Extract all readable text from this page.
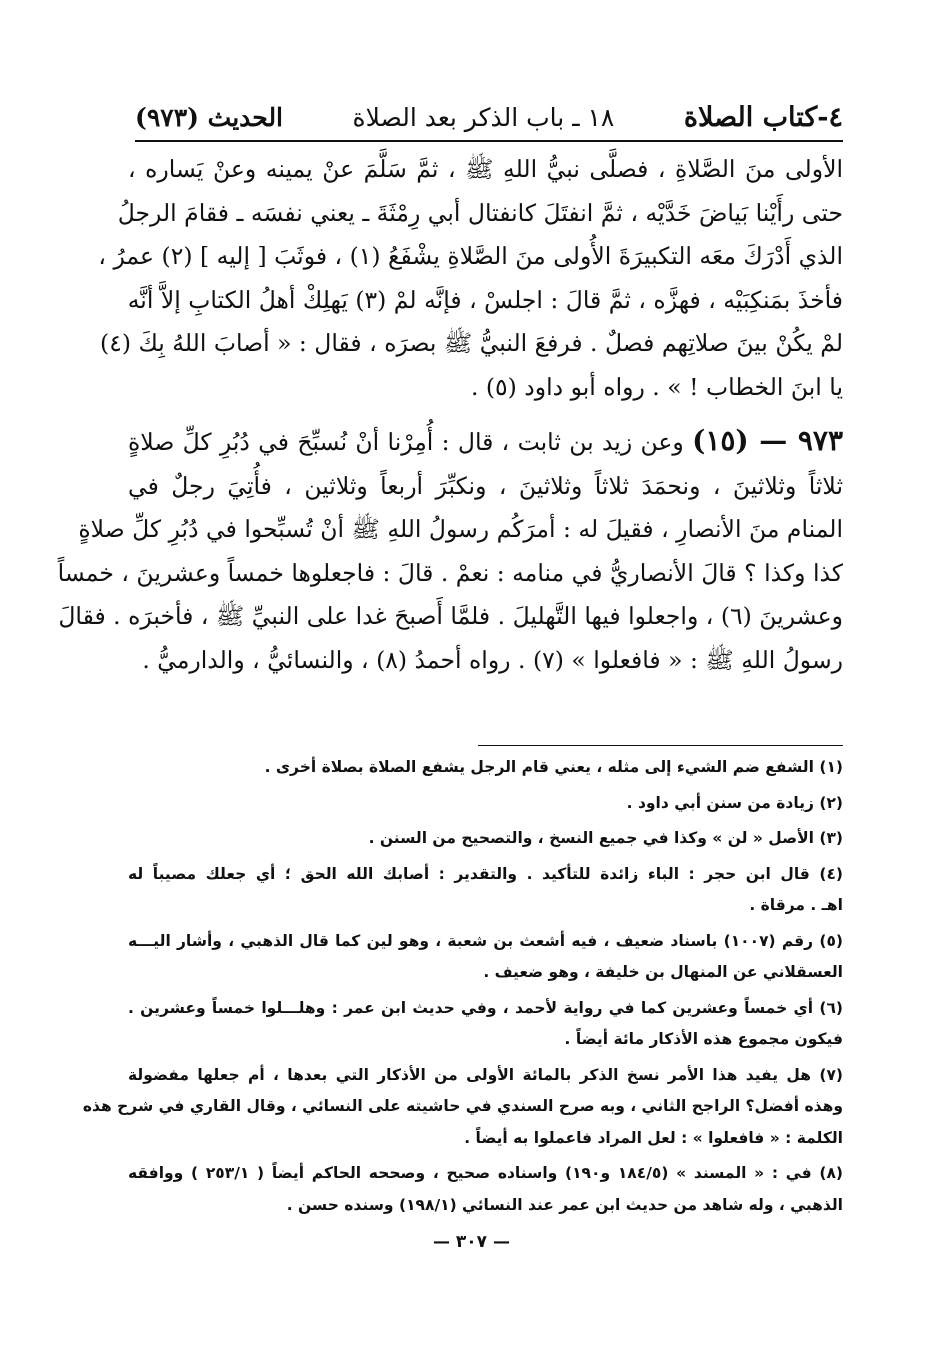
٤-كتاب الصلاة
١٨ ـ باب الذكر بعد الصلاة
الحديث (٩٧٣)

الأولى منَ الصَّلاةِ ، فصلَّى نبيُّ اللهِ ﷺ ، ثمَّ سَلَّمَ عنْ يمينه وعنْ يَساره ،

حتى رأَيْنا بَياضَ خَدَّيْه ، ثمَّ انفتَلَ كانفتال أبي رِمْثَةَ ـ يعني نفسَه ـ فقامَ الرجلُ

الذي أَدْرَكَ معَه التكبيرَةَ الأُولى منَ الصَّلاةِ يشْفَعُ (١) ، فوثَبَ [ إليه ] (٢) عمرُ ،

فأخذَ بمَنكِبَيْه ، فهزَّه ، ثمَّ قالَ : اجلسْ ، فإنَّه لمْ (٣) يَهلِكْ أهلُ الكتابِ إلاَّ أنَّه

لمْ يكُنْ بينَ صلاتِهم فصلٌ . فرفعَ النبيُّ ﷺ بصرَه ، فقال : « أصابَ اللهُ بِكَ (٤)

يا ابنَ الخطاب ! » . رواه أبو داود (٥) .

٩٧٣ — (١٥) وعن زيد بن ثابت ، قال : أُمِرْنا أنْ نُسبِّحَ في دُبُرِ كلِّ صلاةٍ

ثلاثاً وثلاثينَ ، ونحمَدَ ثلاثاً وثلاثينَ ، ونكبِّرَ أربعاً وثلاثين ، فأُتِيَ رجلٌ في

المنام منَ الأنصارِ ، فقيلَ له : أمرَكُم رسولُ اللهِ ﷺ أنْ تُسبِّحوا في دُبُرِ كلِّ صلاةٍ

كذا وكذا ؟ قالَ الأنصاريُّ في منامه : نعمْ . قالَ : فاجعلوها خمساً وعشرينَ ، خمساً

وعشرينَ (٦) ، واجعلوا فيها التَّهليلَ . فلمَّا أَصبحَ غدا على النبيِّ ﷺ ، فأخبرَه . فقالَ

رسولُ اللهِ ﷺ : « فافعلوا » (٧) . رواه أحمدُ (٨) ، والنسائيُّ ، والدارميُّ .

(١) الشفع ضم الشيء إلى مثله ، يعني قام الرجل يشفع الصلاة بصلاة أخرى .
(٢) زيادة من سنن أبي داود .
(٣) الأصل « لن » وكذا في جميع النسخ ، والتصحيح من السنن .
(٤) قال ابن حجر : الباء زائدة للتأكيد . والتقدير : أصابك الله الحق ؛ أي جعلك مصيباً له
اهـ . مرقاة .
(٥) رقم (١٠٠٧) باسناد ضعيف ، فيه أشعث بن شعبة ، وهو لين كما قال الذهبي ، وأشار اليـــه
العسقلاني عن المنهال بن خليفة ، وهو ضعيف .
(٦) أي خمساً وعشرين كما في رواية لأحمد ، وفي حديث ابن عمر : وهلـــلوا خمساً وعشرين .
فيكون مجموع هذه الأذكار مائة أيضاً .
(٧) هل يفيد هذا الأمر نسخ الذكر بالمائة الأولى من الأذكار التي بعدها ، أم جعلها مفضولة
وهذه أفضل؟ الراجح الثاني ، وبه صرح السندي في حاشيته على النسائي ، وقال القاري في شرح هذه
الكلمة : « فافعلوا » : لعل المراد فاعملوا به أيضاً .
(٨) في : « المسند » (١٨٤/٥ و١٩٠) واسناده صحيح ، وصححه الحاكم أيضاً ( ٢٥٣/١ ) ووافقه
الذهبي ، وله شاهد من حديث ابن عمر عند النسائي (١٩٨/١) وسنده حسن .
— ٣٠٧ —
